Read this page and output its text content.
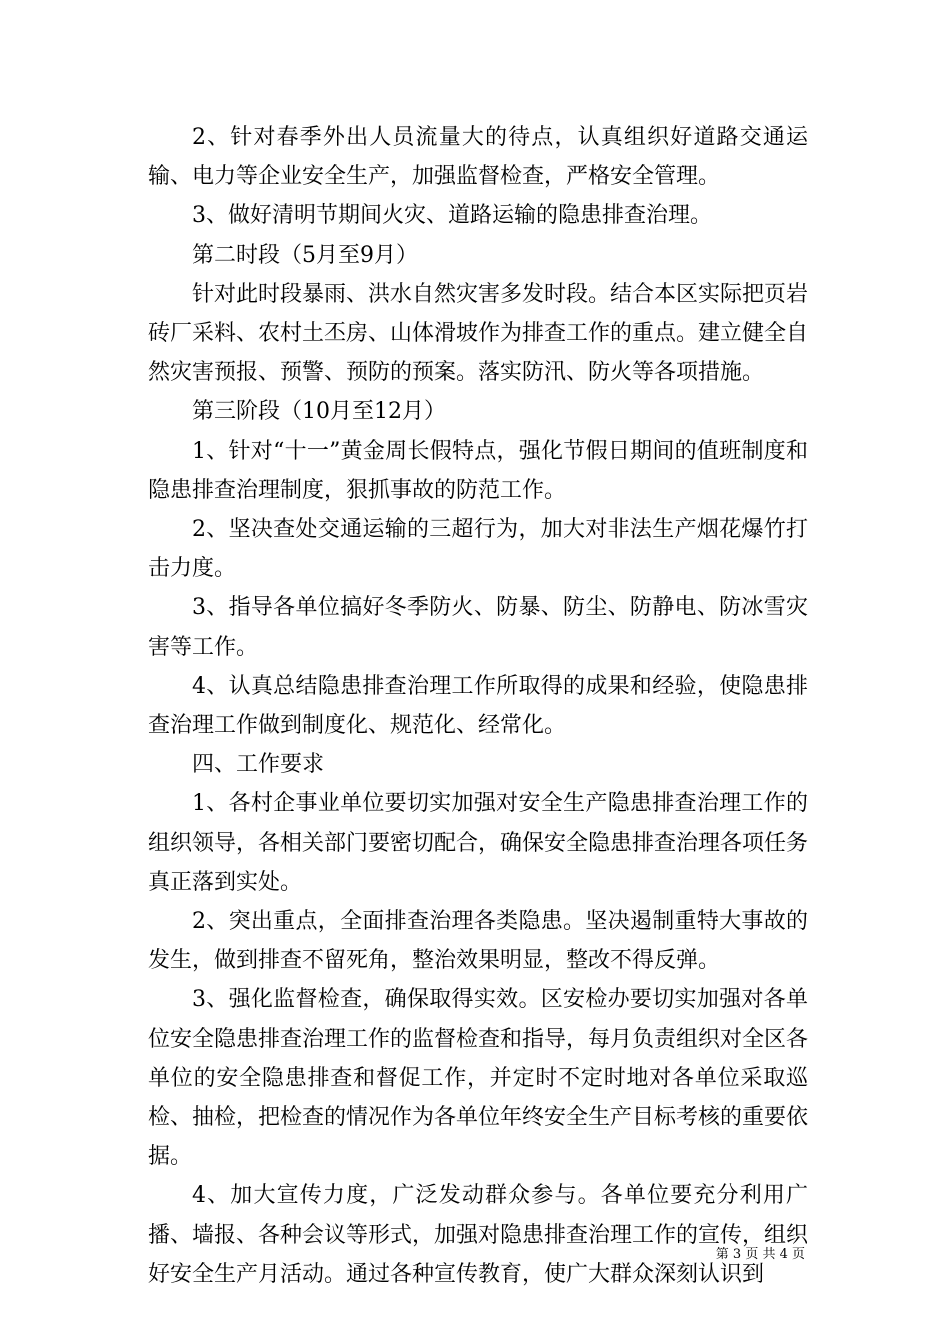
2、针对春季外出人员流量大的待点，认真组织好道路交通运输、电力等企业安全生产，加强监督检查，严格安全管理。

3、做好清明节期间火灾、道路运输的隐患排查治理。

第二时段（5月至9月）

针对此时段暴雨、洪水自然灾害多发时段。结合本区实际把页岩砖厂采料、农村土丕房、山体滑坡作为排查工作的重点。建立健全自然灾害预报、预警、预防的预案。落实防汛、防火等各项措施。

第三阶段（10月至12月）

1、针对“十一”黄金周长假特点，强化节假日期间的值班制度和隐患排查治理制度，狠抓事故的防范工作。

2、坚决查处交通运输的三超行为，加大对非法生产烟花爆竹打击力度。

3、指导各单位搞好冬季防火、防暴、防尘、防静电、防冰雪灾害等工作。

4、认真总结隐患排查治理工作所取得的成果和经验，使隐患排查治理工作做到制度化、规范化、经常化。

四、工作要求

1、各村企事业单位要切实加强对安全生产隐患排查治理工作的组织领导，各相关部门要密切配合，确保安全隐患排查治理各项任务真正落到实处。

2、突出重点，全面排查治理各类隐患。坚决遏制重特大事故的发生，做到排查不留死角，整治效果明显，整改不得反弹。

3、强化监督检查，确保取得实效。区安检办要切实加强对各单位安全隐患排查治理工作的监督检查和指导，每月负责组织对全区各单位的安全隐患排查和督促工作，并定时不定时地对各单位采取巡检、抽检，把检查的情况作为各单位年终安全生产目标考核的重要依据。

4、加大宣传力度，广泛发动群众参与。各单位要充分利用广播、墙报、各种会议等形式，加强对隐患排查治理工作的宣传，组织好安全生产月活动。通过各种宣传教育，使广大群众深刻认识到

第 3 页 共 4 页
